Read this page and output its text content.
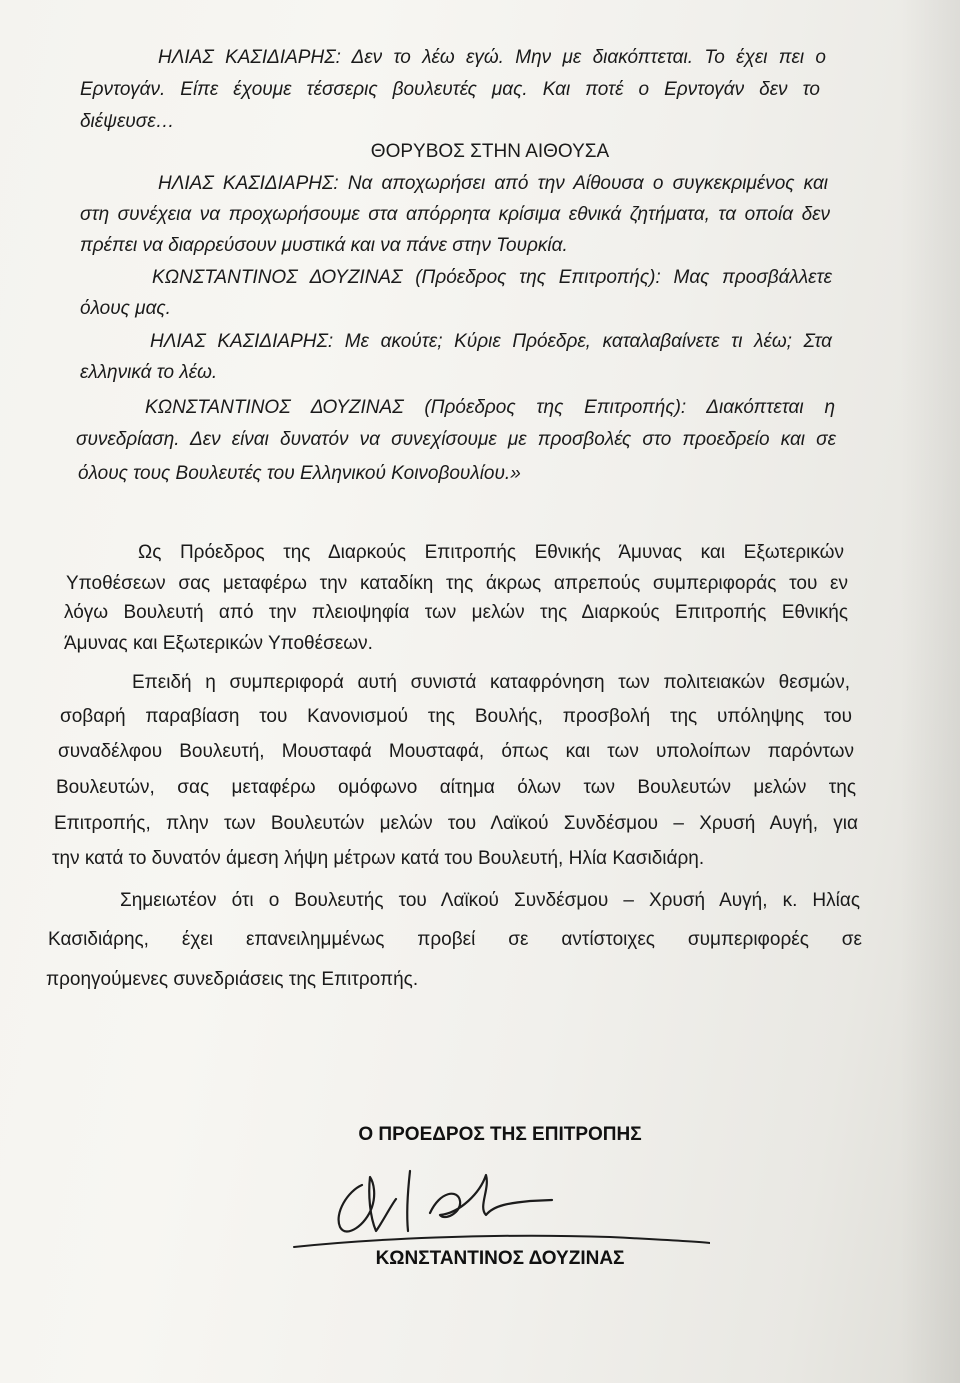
ΗΛΙΑΣ ΚΑΣΙΔΙΑΡΗΣ: Δεν το λέω εγώ. Μην με διακόπτεται. Το έχει πει ο

Ερντογάν. Είπε έχουμε τέσσερις βουλευτές μας. Και ποτέ ο Ερντογάν δεν το

διέψευσε…

ΘΟΡΥΒΟΣ ΣΤΗΝ ΑΙΘΟΥΣΑ

ΗΛΙΑΣ ΚΑΣΙΔΙΑΡΗΣ: Να αποχωρήσει από την Αίθουσα ο συγκεκριμένος και

στη συνέχεια να προχωρήσουμε στα απόρρητα κρίσιμα εθνικά ζητήματα, τα οποία δεν

πρέπει να διαρρεύσουν μυστικά και να πάνε στην Τουρκία.

ΚΩΝΣΤΑΝΤΙΝΟΣ ΔΟΥΖΙΝΑΣ (Πρόεδρος της Επιτροπής): Μας προσβάλλετε

όλους μας.

ΗΛΙΑΣ ΚΑΣΙΔΙΑΡΗΣ: Με ακούτε; Κύριε Πρόεδρε, καταλαβαίνετε τι λέω; Στα

ελληνικά το λέω.

ΚΩΝΣΤΑΝΤΙΝΟΣ ΔΟΥΖΙΝΑΣ (Πρόεδρος της Επιτροπής): Διακόπτεται η

συνεδρίαση. Δεν είναι δυνατόν να συνεχίσουμε με προσβολές στο προεδρείο και σε

όλους τους Βουλευτές του Ελληνικού Κοινοβουλίου.»

Ως Πρόεδρος της Διαρκούς Επιτροπής Εθνικής Άμυνας και Εξωτερικών

Υποθέσεων σας μεταφέρω την καταδίκη της άκρως απρεπούς συμπεριφοράς του εν

λόγω Βουλευτή από την πλειοψηφία των μελών της Διαρκούς Επιτροπής Εθνικής

Άμυνας και Εξωτερικών Υποθέσεων.

Επειδή η συμπεριφορά αυτή συνιστά καταφρόνηση των πολιτειακών θεσμών,

σοβαρή παραβίαση του Κανονισμού της Βουλής, προσβολή της υπόληψης του

συναδέλφου Βουλευτή, Μουσταφά Μουσταφά, όπως και των υπολοίπων παρόντων

Βουλευτών, σας μεταφέρω ομόφωνο αίτημα όλων των Βουλευτών μελών της

Επιτροπής, πλην των Βουλευτών μελών του Λαϊκού Συνδέσμου – Χρυσή Αυγή, για

την κατά το δυνατόν άμεση λήψη μέτρων κατά του Βουλευτή, Ηλία Κασιδιάρη.

Σημειωτέον ότι ο Βουλευτής του Λαϊκού Συνδέσμου – Χρυσή Αυγή, κ. Ηλίας

Κασιδιάρης, έχει επανειλημμένως προβεί σε αντίστοιχες συμπεριφορές σε

προηγούμενες συνεδριάσεις της Επιτροπής.

Ο ΠΡΟΕΔΡΟΣ ΤΗΣ ΕΠΙΤΡΟΠΗΣ

ΚΩΝΣΤΑΝΤΙΝΟΣ ΔΟΥΖΙΝΑΣ
